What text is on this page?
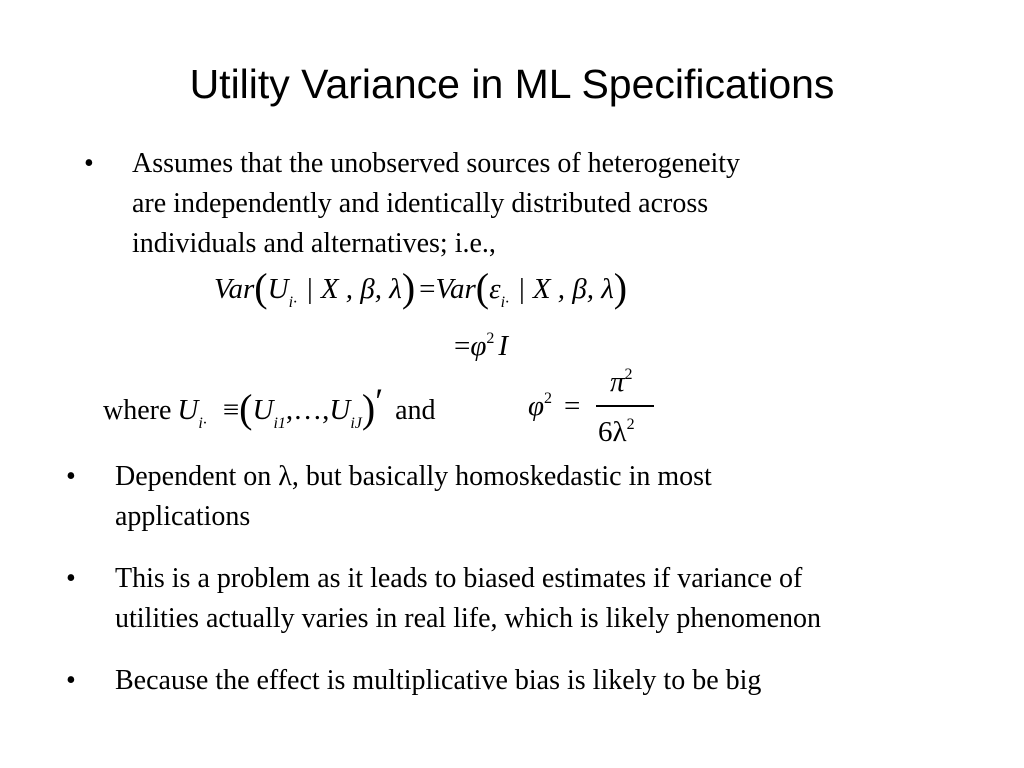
Utility Variance in ML Specifications
• Assumes that the unobserved sources of heterogeneity
are independently and identically distributed across
individuals and alternatives; i.e.,
$Var(U_{i\cdot}$ | X , β, $\lambda) =Var(\varepsilon_{i\cdot}$ | X , β, λ)
$=\varphi^2$ I
where $U_{i\cdot}$ $\equiv(U_{i1},\dots,U_{iJ})'$ and	$\varphi^2$ =
$\pi^2$
$6\lambda^2$
• Dependent on λ, but basically homoskedastic in most
applications
• This is a problem as it leads to biased estimates if variance of
utilities actually varies in real life, which is likely phenomenon
• Because the effect is multiplicative bias is likely to be big
